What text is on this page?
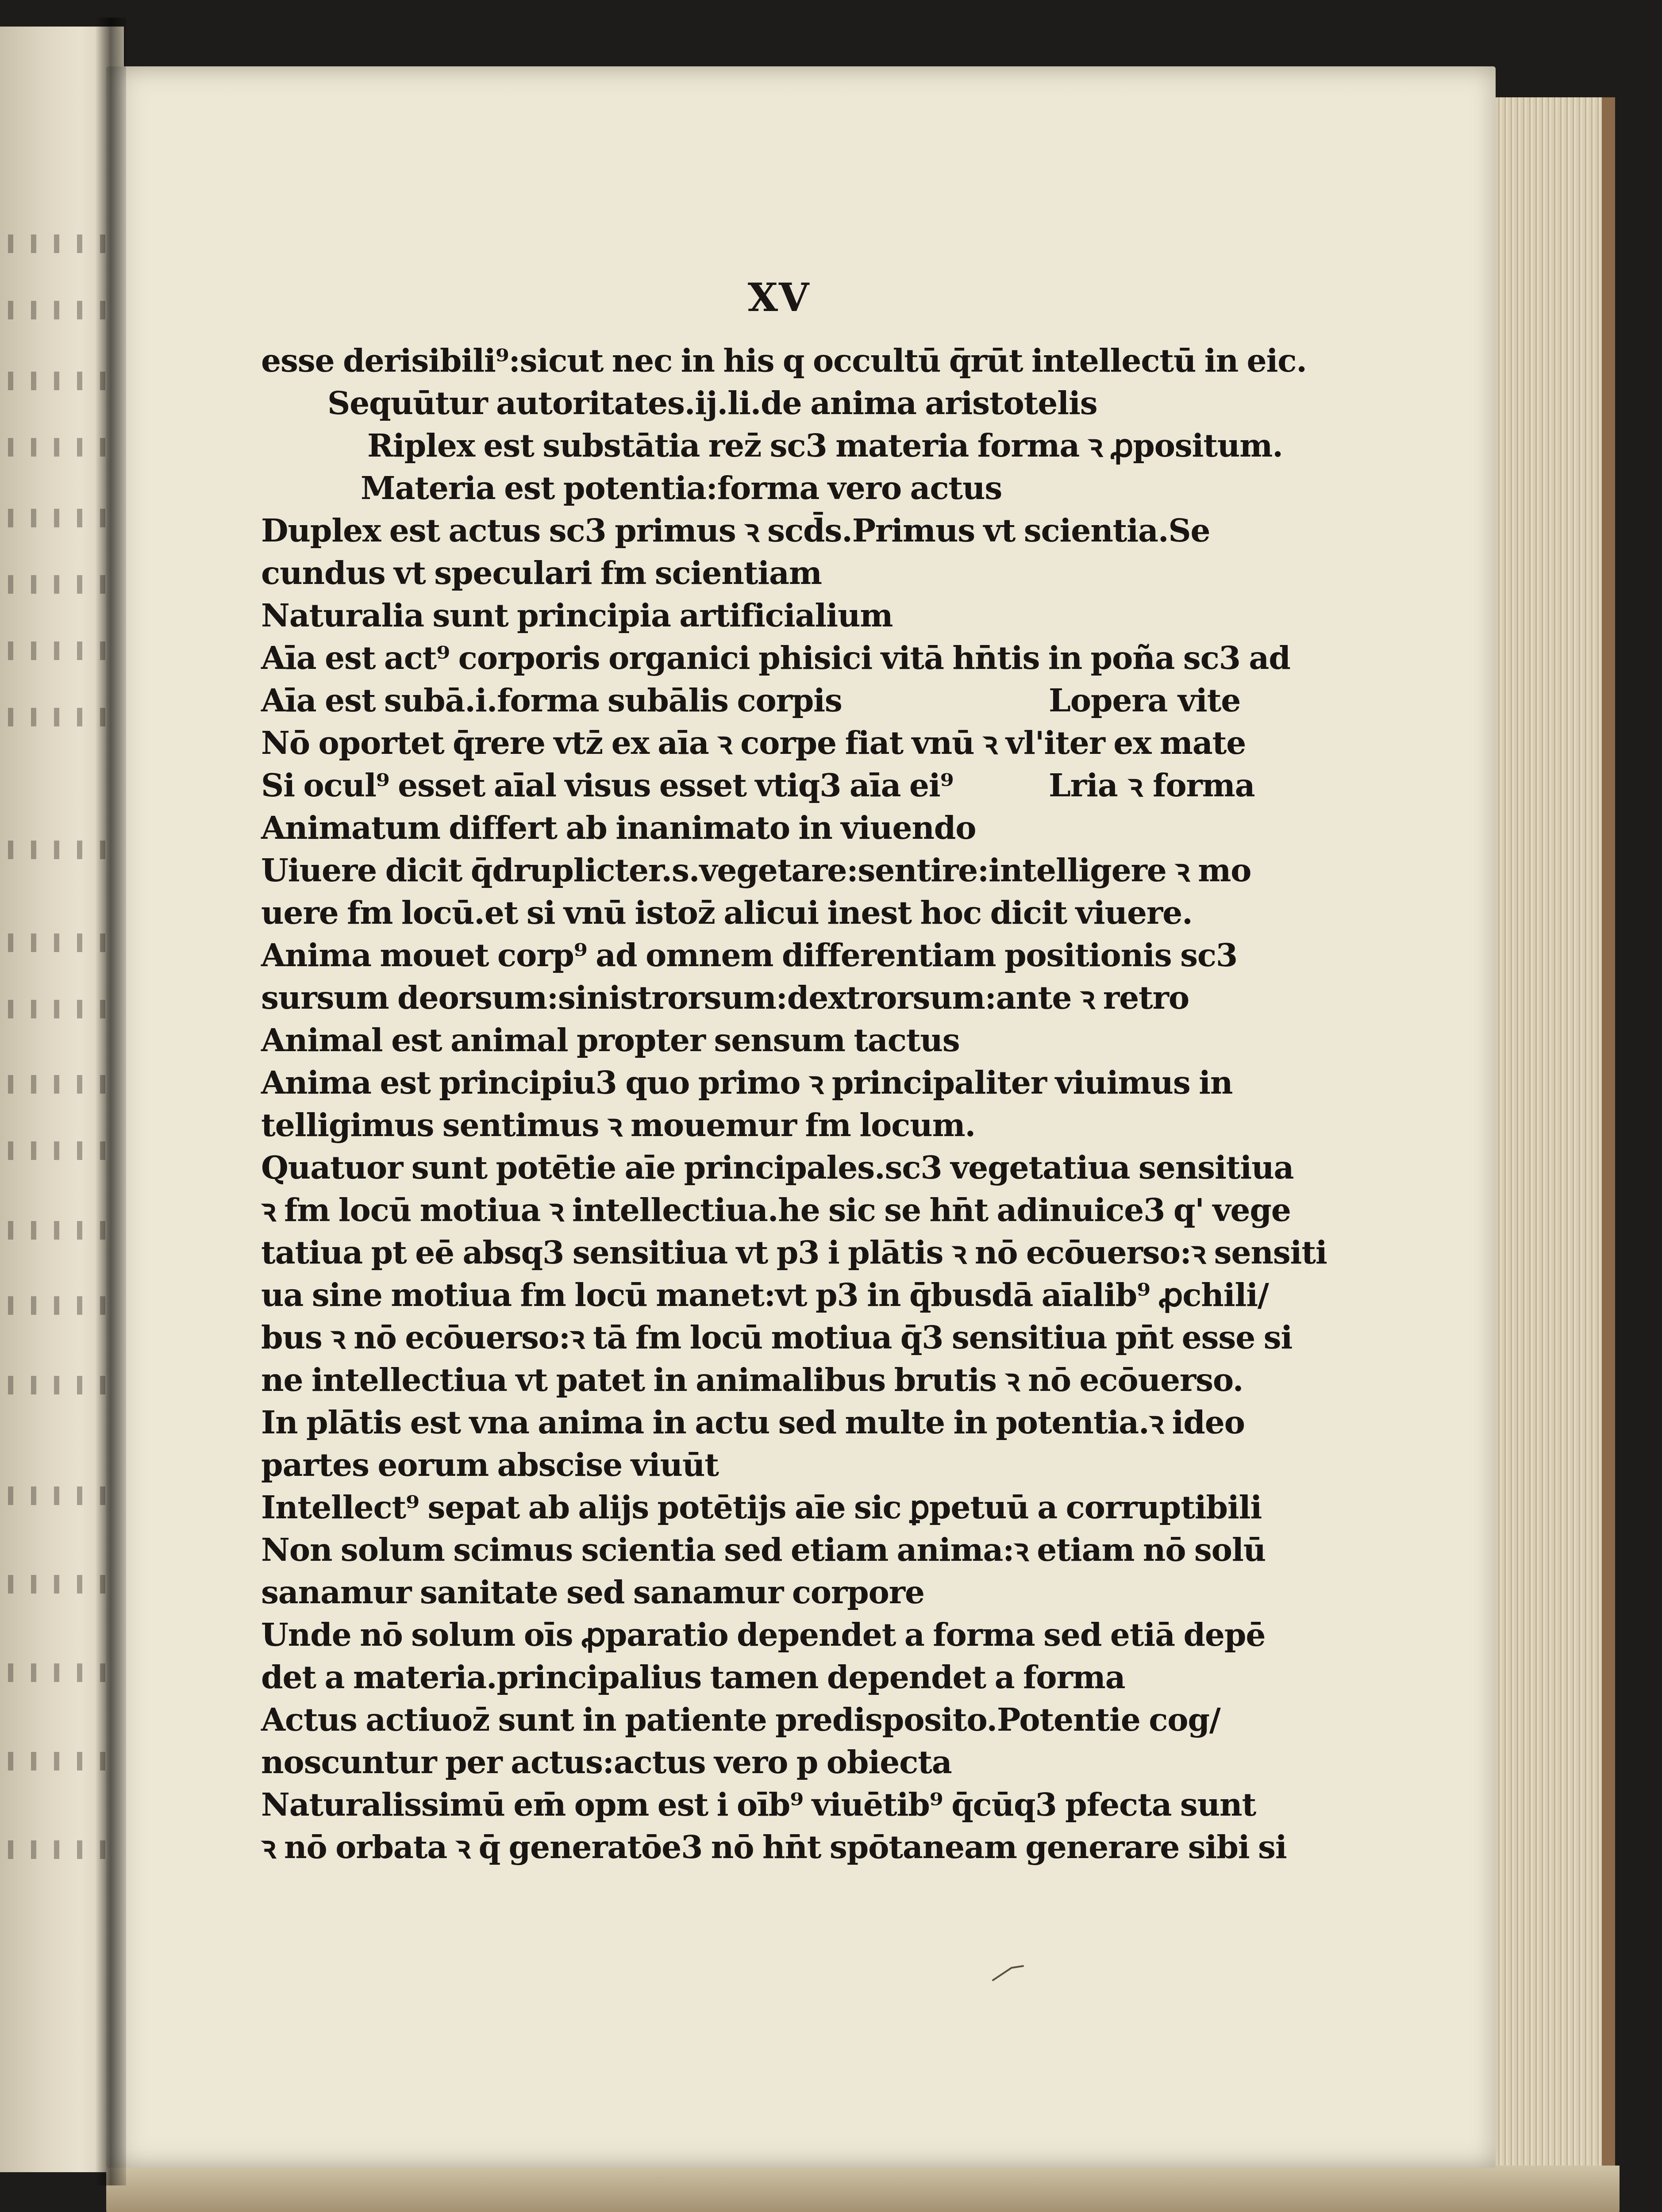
XV
esse derisibili⁹:sicut nec in his q occultū q̄rūt intellectū in eic.
Sequūtur autoritates.ij.li.de anima aristotelis
Riplex est substātia rez̄ sc3 materia forma ꝛ ꝓpositum.
Materia est potentia:forma vero actus
Duplex est actus sc3 primus ꝛ scd̄s.Primus vt scientia.Se
cundus vt speculari fm scientiam
Naturalia sunt principia artificialium
Aīa est act⁹ corporis organici phisici vitā hn̄tis in poña sc3 ad
Aīa est subā.i.forma subālis corpis
Nō oportet q̄rere vtz̄ ex aīa ꝛ corpe fiat vnū ꝛ vl'iter ex mate
Si ocul⁹ esset aīal visus esset vtiq3 aīa ei⁹
Animatum differt ab inanimato in viuendo
Uiuere dicit q̄druplicter.s.vegetare:sentire:intelligere ꝛ mo
uere fm locū.et si vnū istoz̄ alicui inest hoc dicit viuere.
Anima mouet corp⁹ ad omnem differentiam positionis sc3
sursum deorsum:sinistrorsum:dextrorsum:ante ꝛ retro
Animal est animal propter sensum tactus
Anima est principiu3 quo primo ꝛ principaliter viuimus in
telligimus sentimus ꝛ mouemur fm locum.
Quatuor sunt potētie aīe principales.sc3 vegetatiua sensitiua
ꝛ fm locū motiua ꝛ intellectiua.he sic se hn̄t adinuice3 q' vege
tatiua pt eē absq3 sensitiua vt p3 i plātis ꝛ nō ecōuerso:ꝛ sensiti
ua sine motiua fm locū manet:vt p3 in q̄busdā aīalib⁹ ꝓchili/
bus ꝛ nō ecōuerso:ꝛ tā fm locū motiua q̄3 sensitiua pn̄t esse si
ne intellectiua vt patet in animalibus brutis ꝛ nō ecōuerso.
In plātis est vna anima in actu sed multe in potentia.ꝛ ideo
partes eorum abscise viuūt
Intellect⁹ sepat ab alijs potētijs aīe sic ꝑpetuū a corruptibili
Non solum scimus scientia sed etiam anima:ꝛ etiam nō solū
sanamur sanitate sed sanamur corpore
Unde nō solum oīs ꝓparatio dependet a forma sed etiā depē
det a materia.principalius tamen dependet a forma
Actus actiuoz̄ sunt in patiente predisposito.Potentie cog/
noscuntur per actus:actus vero p obiecta
Naturalissimū em̄ opm est i oīb⁹ viuētib⁹ q̄cūq3 pfecta sunt
ꝛ nō orbata ꝛ q̄ generatōe3 nō hn̄t spōtaneam generare sibi si
Lopera vite
Lria ꝛ forma
